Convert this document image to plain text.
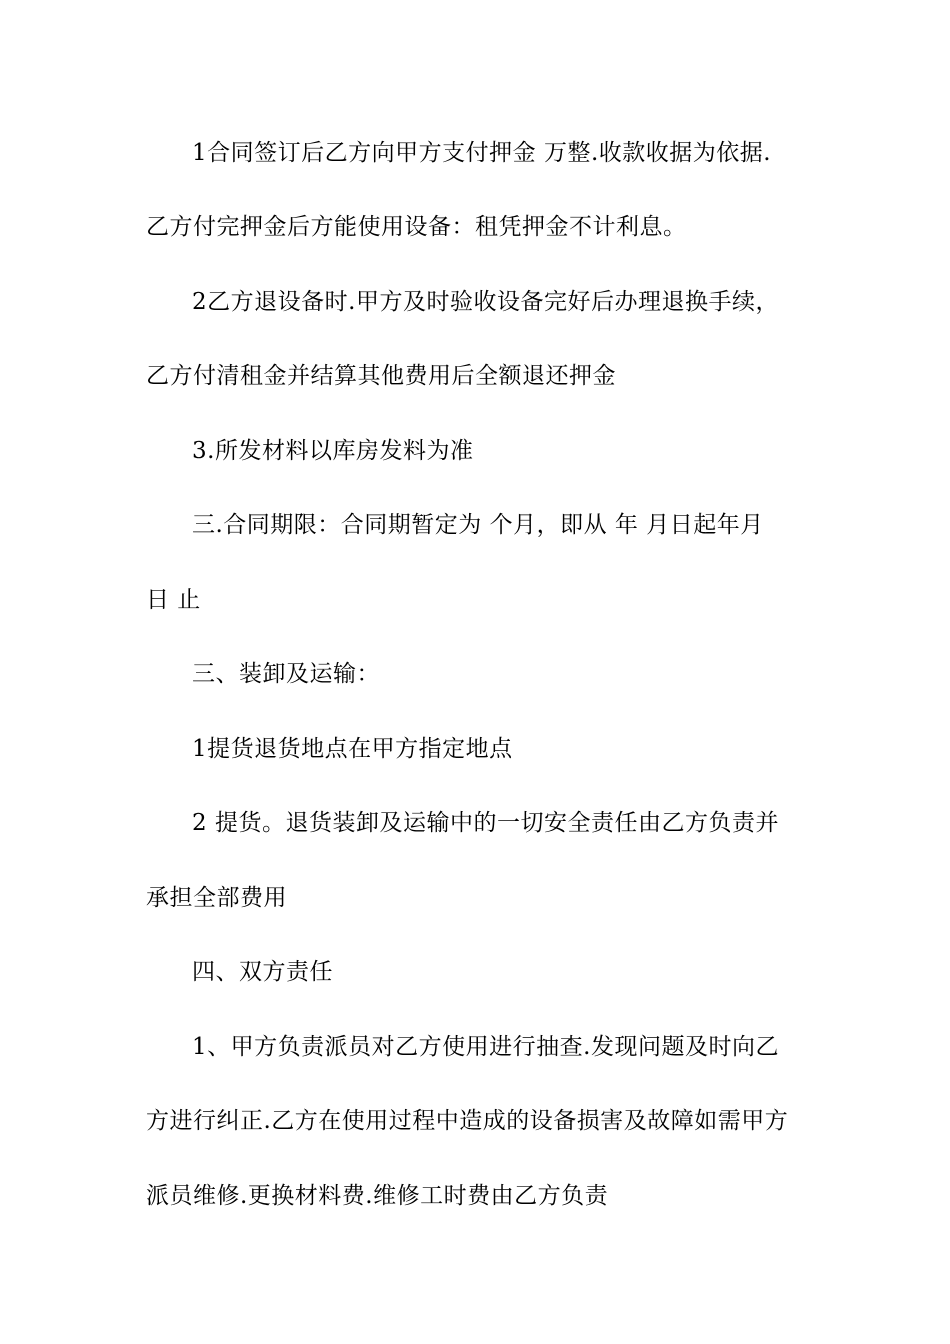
1合同签订后乙方向甲方支付押金 万整.收款收据为依据.
乙方付完押金后方能使用设备：租凭押金不计利息。
2乙方退设备时.甲方及时验收设备完好后办理退换手续，
乙方付清租金并结算其他费用后全额退还押金
3.所发材料以库房发料为准
三.合同期限：合同期暂定为 个月，即从 年 月日起年月
日 止
三、装卸及运输：
1提货退货地点在甲方指定地点
2 提货。退货装卸及运输中的一切安全责任由乙方负责并
承担全部费用
四、双方责任
1、甲方负责派员对乙方使用进行抽查.发现问题及时向乙
方进行纠正.乙方在使用过程中造成的设备损害及故障如需甲方
派员维修.更换材料费.维修工时费由乙方负责
